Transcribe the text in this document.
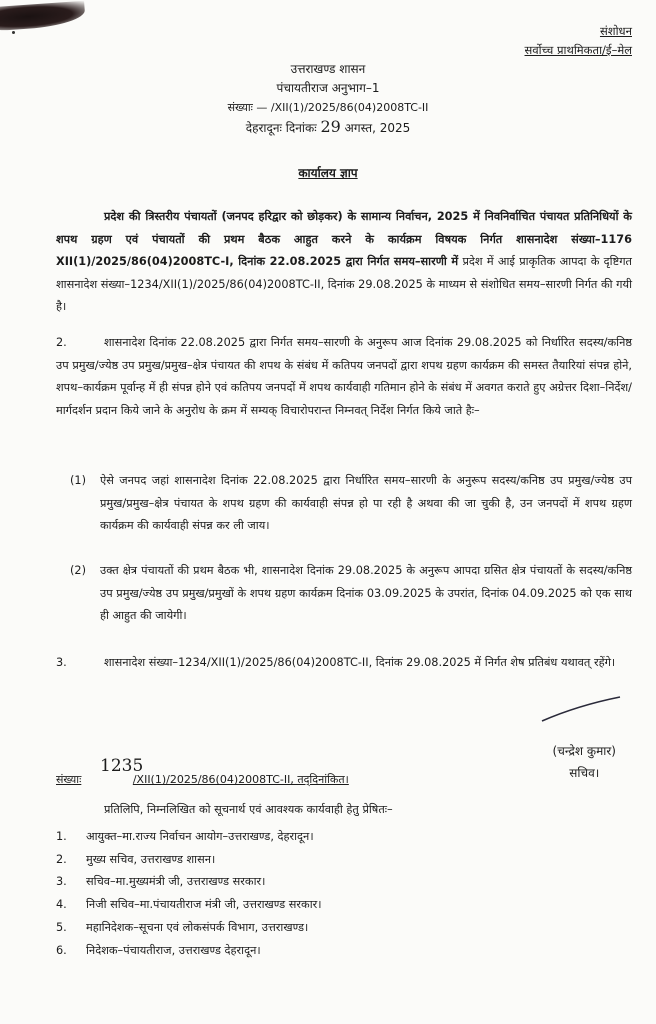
संशोधन
सर्वोच्च प्राथमिकता/ई–मेल
उत्तराखण्ड शासन
पंचायतीराज अनुभाग–1
संख्याः — /XII(1)/2025/86(04)2008TC-II
देहरादूनः दिनांकः 29 अगस्त, 2025
कार्यालय ज्ञाप
प्रदेश की त्रिस्तरीय पंचायतों (जनपद हरिद्वार को छोड़कर) के सामान्य निर्वाचन, 2025 में निवनिर्वाचित पंचायत प्रतिनिधियों के शपथ ग्रहण एवं पंचायतों की प्रथम बैठक आहुत करने के कार्यक्रम विषयक निर्गत शासनादेश संख्या–1176 XII(1)/2025/86(04)2008TC-I, दिनांक 22.08.2025 द्वारा निर्गत समय–सारणी में प्रदेश में आई प्राकृतिक आपदा के दृष्टिगत शासनादेश संख्या–1234/XII(1)/2025/86(04)2008TC-II, दिनांक 29.08.2025 के माध्यम से संशोधित समय–सारणी निर्गत की गयी है।
2.	शासनादेश दिनांक 22.08.2025 द्वारा निर्गत समय–सारणी के अनुरूप आज दिनांक 29.08.2025 को निर्धारित सदस्य/कनिष्ठ उप प्रमुख/ज्येष्ठ उप प्रमुख/प्रमुख–क्षेत्र पंचायत की शपथ के संबंध में कतिपय जनपदों द्वारा शपथ ग्रहण कार्यक्रम की समस्त तैयारियां संपन्न होने, शपथ–कार्यक्रम पूर्वान्ह में ही संपन्न होने एवं कतिपय जनपदों में शपथ कार्यवाही गतिमान होने के संबंध में अवगत कराते हुए अग्रेत्तर दिशा–निर्देश/मार्गदर्शन प्रदान किये जाने के अनुरोध के क्रम में सम्यक् विचारोपरान्त निम्नवत् निर्देश निर्गत किये जाते हैः–
(1) ऐसे जनपद जहां शासनादेश दिनांक 22.08.2025 द्वारा निर्धारित समय–सारणी के अनुरूप सदस्य/कनिष्ठ उप प्रमुख/ज्येष्ठ उप प्रमुख/प्रमुख–क्षेत्र पंचायत के शपथ ग्रहण की कार्यवाही संपन्न हो पा रही है अथवा की जा चुकी है, उन जनपदों में शपथ ग्रहण कार्यक्रम की कार्यवाही संपन्न कर ली जाय।
(2) उक्त क्षेत्र पंचायतों की प्रथम बैठक भी, शासनादेश दिनांक 29.08.2025 के अनुरूप आपदा ग्रसित क्षेत्र पंचायतों के सदस्य/कनिष्ठ उप प्रमुख/ज्येष्ठ उप प्रमुख/प्रमुखों के शपथ ग्रहण कार्यक्रम दिनांक 03.09.2025 के उपरांत, दिनांक 04.09.2025 को एक साथ ही आहुत की जायेगी।
3.	शासनादेश संख्या–1234/XII(1)/2025/86(04)2008TC-II, दिनांक 29.08.2025 में निर्गत शेष प्रतिबंध यथावत् रहेंगे।
(चन्द्रेश कुमार)
सचिव।
संख्याः
1235
/XII(1)/2025/86(04)2008TC-II, तद्‌दिनांकित।
प्रतिलिपि, निम्नलिखित को सूचनार्थ एवं आवश्यक कार्यवाही हेतु प्रेषितः–
1. आयुक्त–मा.राज्य निर्वाचन आयोग–उत्तराखण्ड, देहरादून।
2. मुख्य सचिव, उत्तराखण्ड शासन।
3. सचिव–मा.मुख्यमंत्री जी, उत्तराखण्ड सरकार।
4. निजी सचिव–मा.पंचायतीराज मंत्री जी, उत्तराखण्ड सरकार।
5. महानिदेशक–सूचना एवं लोकसंपर्क विभाग, उत्तराखण्ड।
6. निदेशक–पंचायतीराज, उत्तराखण्ड देहरादून।
